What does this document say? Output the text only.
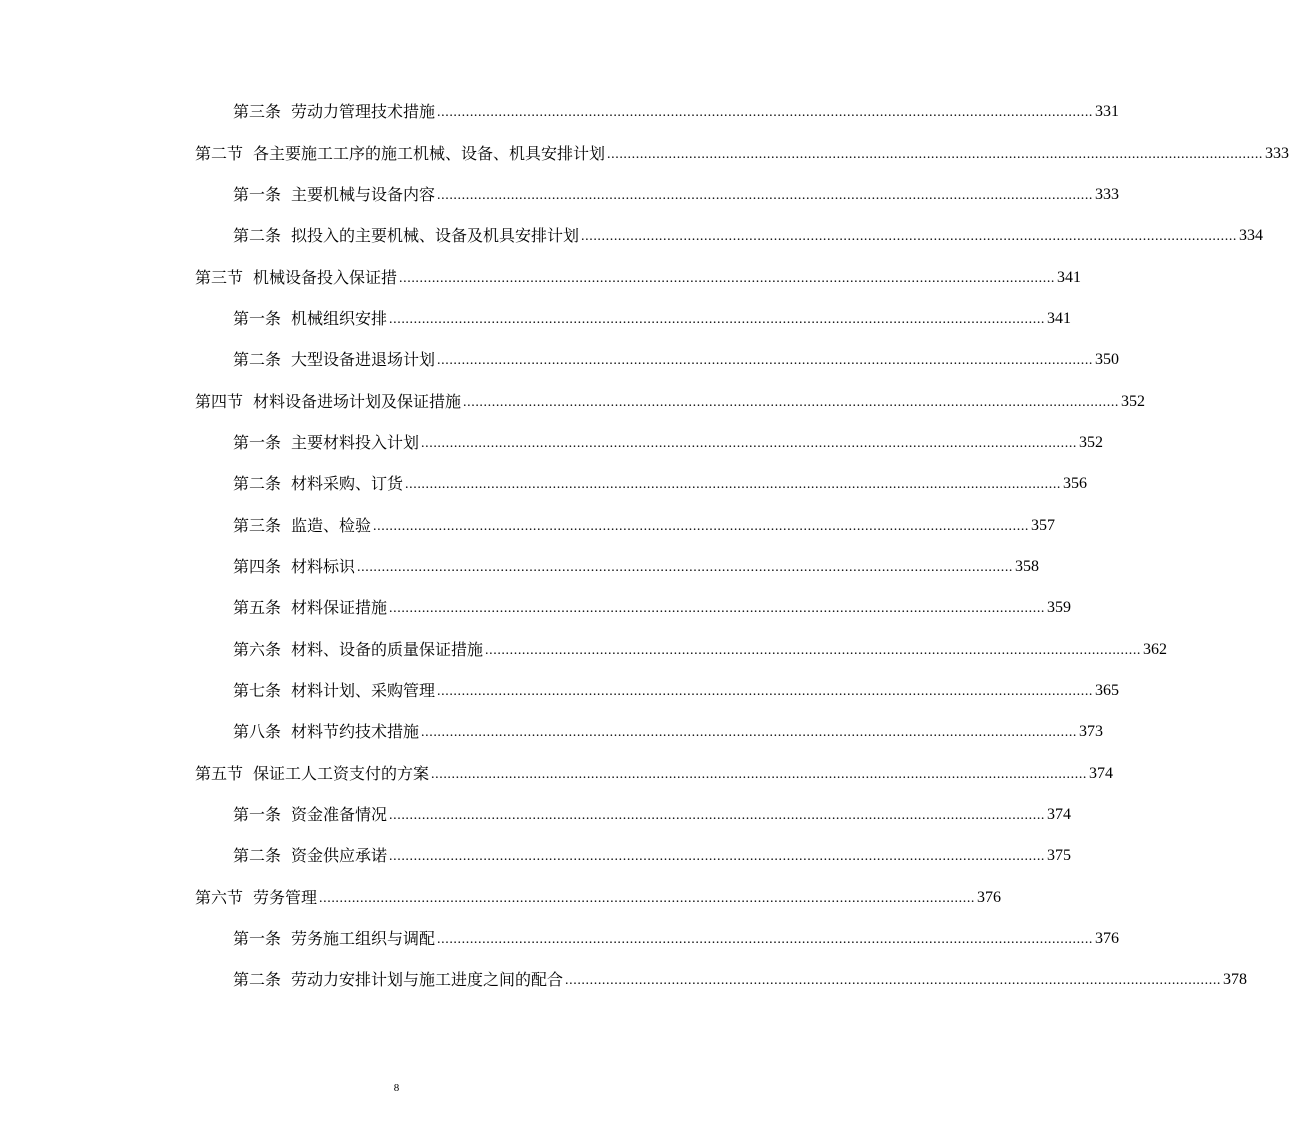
第三条 劳动力管理技术措施 ................................................................................................................................................................ 331
第二节 各主要施工工序的施工机械、设备、机具安排计划 ................................................................................................................................................................ 333
第一条 主要机械与设备内容 ................................................................................................................................................................ 333
第二条 拟投入的主要机械、设备及机具安排计划 ................................................................................................................................................................ 334
第三节 机械设备投入保证措 ................................................................................................................................................................ 341
第一条 机械组织安排 ................................................................................................................................................................ 341
第二条 大型设备进退场计划 ................................................................................................................................................................ 350
第四节 材料设备进场计划及保证措施 ................................................................................................................................................................ 352
第一条 主要材料投入计划 ................................................................................................................................................................ 352
第二条 材料采购、订货 ................................................................................................................................................................ 356
第三条 监造、检验 ................................................................................................................................................................ 357
第四条 材料标识 ................................................................................................................................................................ 358
第五条 材料保证措施 ................................................................................................................................................................ 359
第六条 材料、设备的质量保证措施 ................................................................................................................................................................ 362
第七条 材料计划、采购管理 ................................................................................................................................................................ 365
第八条 材料节约技术措施 ................................................................................................................................................................ 373
第五节 保证工人工资支付的方案 ................................................................................................................................................................ 374
第一条 资金准备情况 ................................................................................................................................................................ 374
第二条 资金供应承诺 ................................................................................................................................................................ 375
第六节 劳务管理 ................................................................................................................................................................ 376
第一条 劳务施工组织与调配 ................................................................................................................................................................ 376
第二条 劳动力安排计划与施工进度之间的配合 ................................................................................................................................................................ 378
8
